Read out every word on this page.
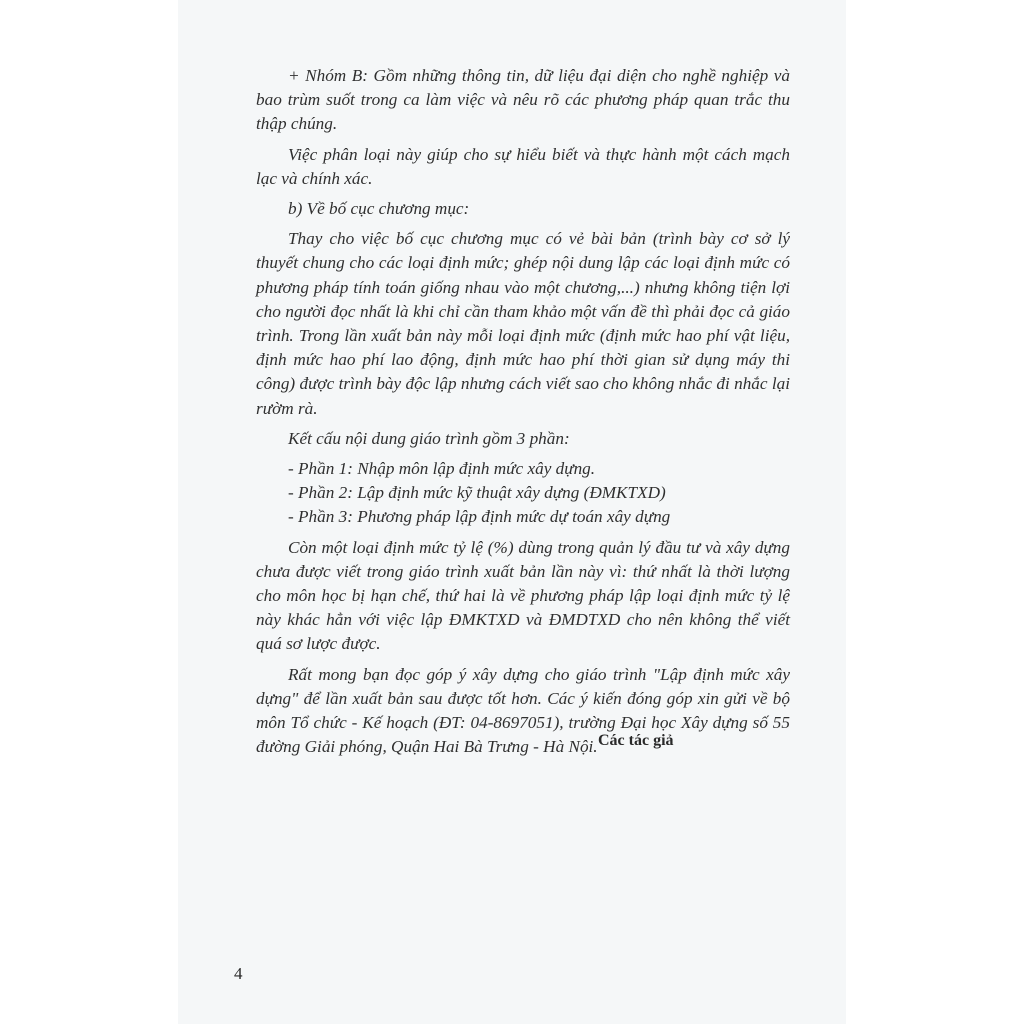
+ Nhóm B: Gồm những thông tin, dữ liệu đại diện cho nghề nghiệp và bao trùm suốt trong ca làm việc và nêu rõ các phương pháp quan trắc thu thập chúng.

Việc phân loại này giúp cho sự hiểu biết và thực hành một cách mạch lạc và chính xác.

b) Về bố cục chương mục:

Thay cho việc bố cục chương mục có vẻ bài bản (trình bày cơ sở lý thuyết chung cho các loại định mức; ghép nội dung lập các loại định mức có phương pháp tính toán giống nhau vào một chương,...) nhưng không tiện lợi cho người đọc nhất là khi chỉ cần tham khảo một vấn đề thì phải đọc cả giáo trình. Trong lần xuất bản này mỗi loại định mức (định mức hao phí vật liệu, định mức hao phí lao động, định mức hao phí thời gian sử dụng máy thi công) được trình bày độc lập nhưng cách viết sao cho không nhắc đi nhắc lại rườm rà.

Kết cấu nội dung giáo trình gồm 3 phần:

- Phần 1: Nhập môn lập định mức xây dựng.

- Phần 2: Lập định mức kỹ thuật xây dựng (ĐMKTXD)

- Phần 3: Phương pháp lập định mức dự toán xây dựng

Còn một loại định mức tỷ lệ (%) dùng trong quản lý đầu tư và xây dựng chưa được viết trong giáo trình xuất bản lần này vì: thứ nhất là thời lượng cho môn học bị hạn chế, thứ hai là về phương pháp lập loại định mức tỷ lệ này khác hẳn với việc lập ĐMKTXD và ĐMDTXD cho nên không thể viết quá sơ lược được.

Rất mong bạn đọc góp ý xây dựng cho giáo trình "Lập định mức xây dựng" để lần xuất bản sau được tốt hơn. Các ý kiến đóng góp xin gửi về bộ môn Tổ chức - Kế hoạch (ĐT: 04-8697051), trường Đại học Xây dựng số 55 đường Giải phóng, Quận Hai Bà Trưng - Hà Nội. Các tác giả
4
